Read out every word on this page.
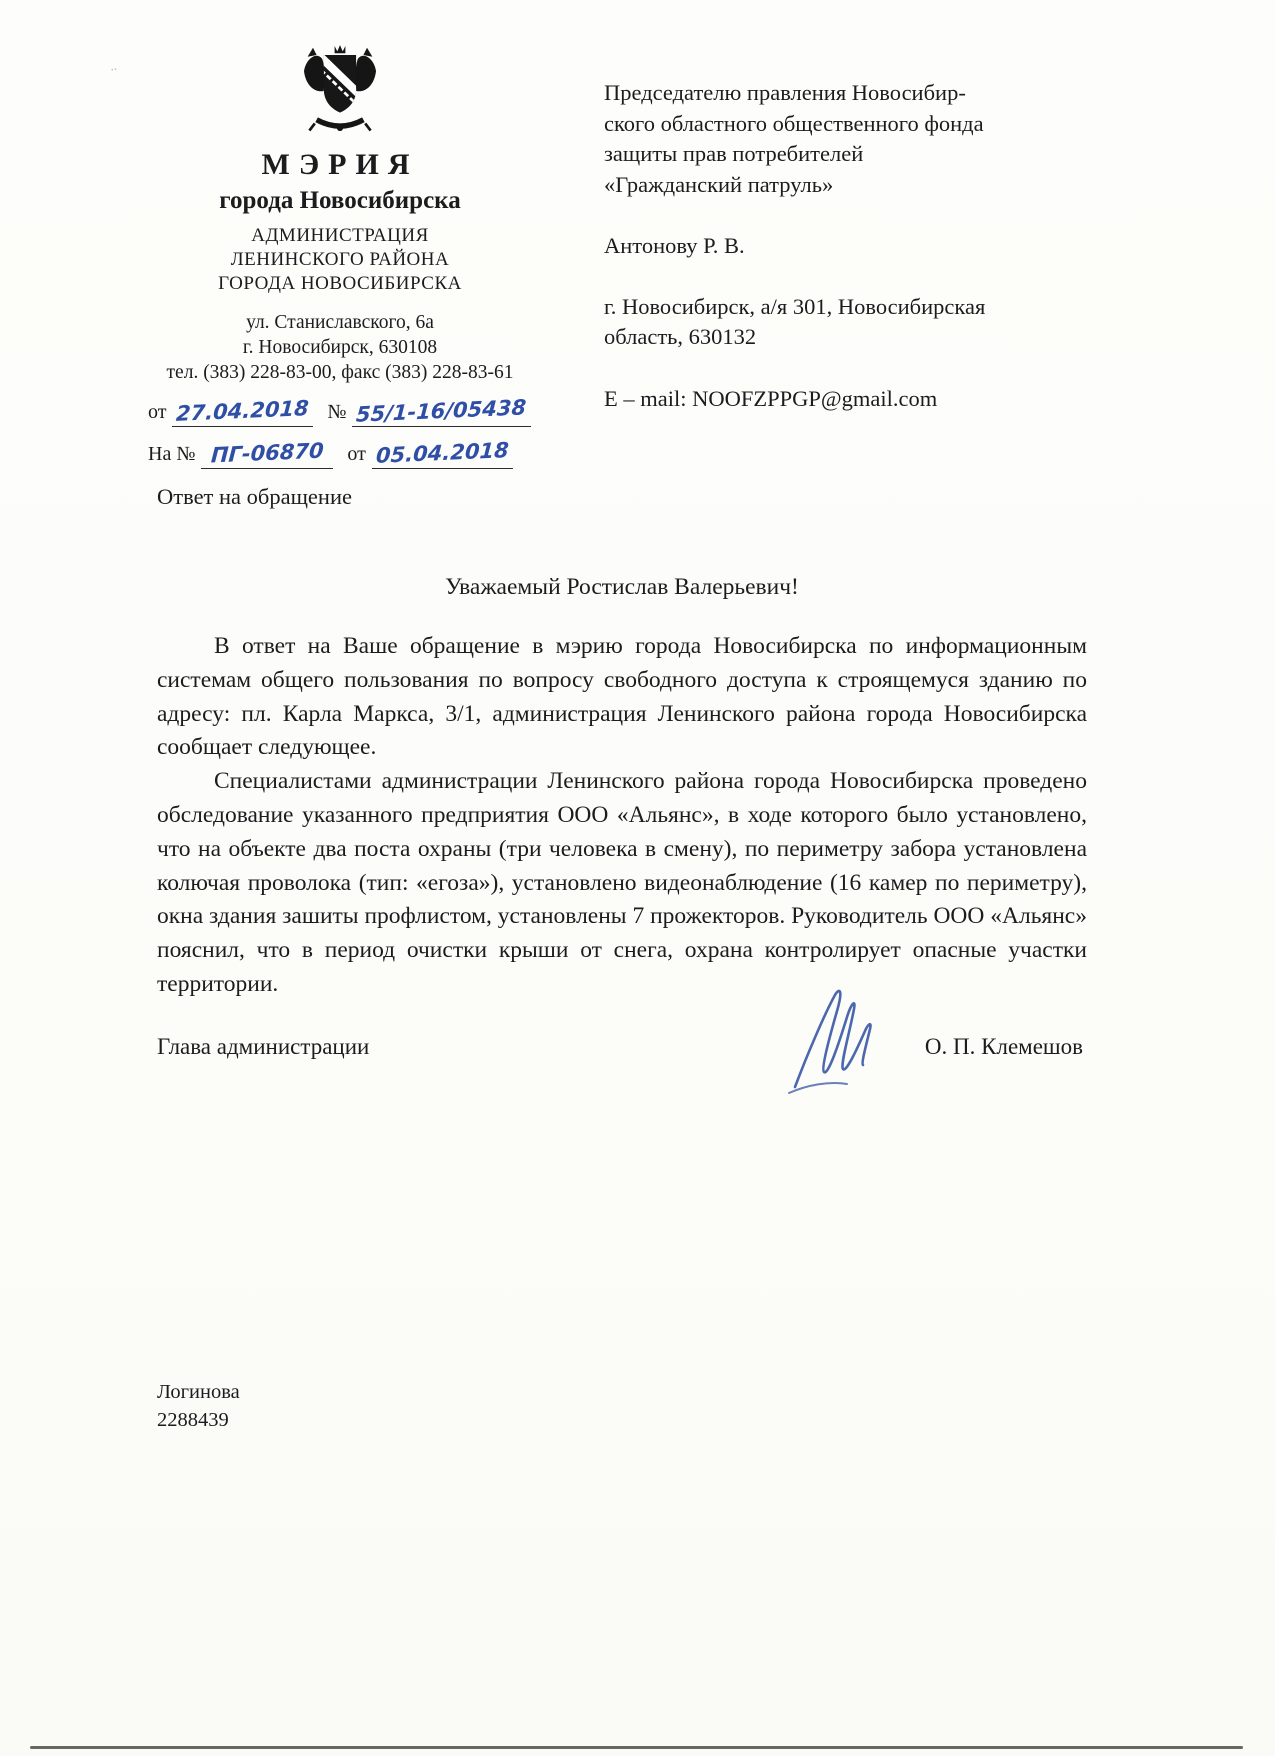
..
МЭРИЯ
города Новосибирска
АДМИНИСТРАЦИЯ
ЛЕНИНСКОГО РАЙОНА
ГОРОДА НОВОСИБИРСКА
ул. Станиславского, 6а
г. Новосибирск, 630108
тел. (383) 228-83-00, факс (383) 228-83-61
от 27.04.2018 № 55/1-16/05438
На № ПГ-06870 от 05.04.2018
Председателю правления Новосибир-
ского областного общественного фонда
защиты прав потребителей
«Гражданский патруль»
Антонову Р. В.
г. Новосибирск, а/я 301, Новосибирская
область, 630132
Е – mail: NOOFZPPGP@gmail.com
Ответ на обращение
Уважаемый Ростислав Валерьевич!

В ответ на Ваше обращение в мэрию города Новосибирска по информационным системам общего пользования по вопросу свободного доступа к строящемуся зданию по адресу: пл. Карла Маркса, 3/1, администрация Ленинского района города Новосибирска сообщает следующее.

Специалистами администрации Ленинского района города Новосибирска проведено обследование указанного предприятия ООО «Альянс», в ходе которого было установлено, что на объекте два поста охраны (три человека в смену), по периметру забора установлена колючая проволока (тип: «егоза»), установлено видеонаблюдение (16 камер по периметру), окна здания зашиты профлистом, установлены 7 прожекторов. Руководитель ООО «Альянс» пояснил, что в период очистки крыши от снега, охрана контролирует опасные участки территории.

Глава администрации	О. П. Клемешов
Логинова
2288439
